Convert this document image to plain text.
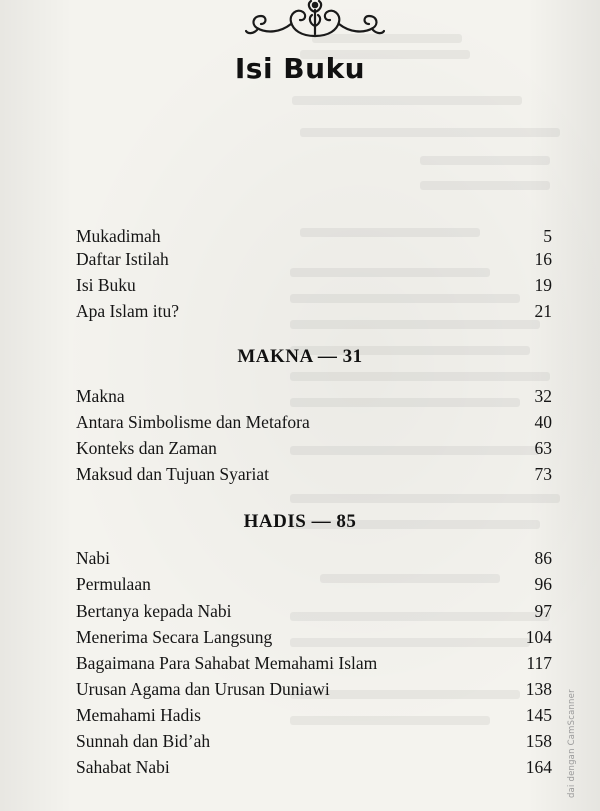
Isi Buku
Mukadimah	5
Daftar Istilah	16
Isi Buku	19
Apa Islam itu?	21
MAKNA — 31
Makna	32
Antara Simbolisme dan Metafora	40
Konteks dan Zaman	63
Maksud dan Tujuan Syariat	73
HADIS — 85
Nabi	86
Permulaan	96
Bertanya kepada Nabi	97
Menerima Secara Langsung	104
Bagaimana Para Sahabat Memahami Islam	117
Urusan Agama dan Urusan Duniawi	138
Memahami Hadis	145
Sunnah dan Bid’ah	158
Sahabat Nabi	164 dai dengan CamScanner
